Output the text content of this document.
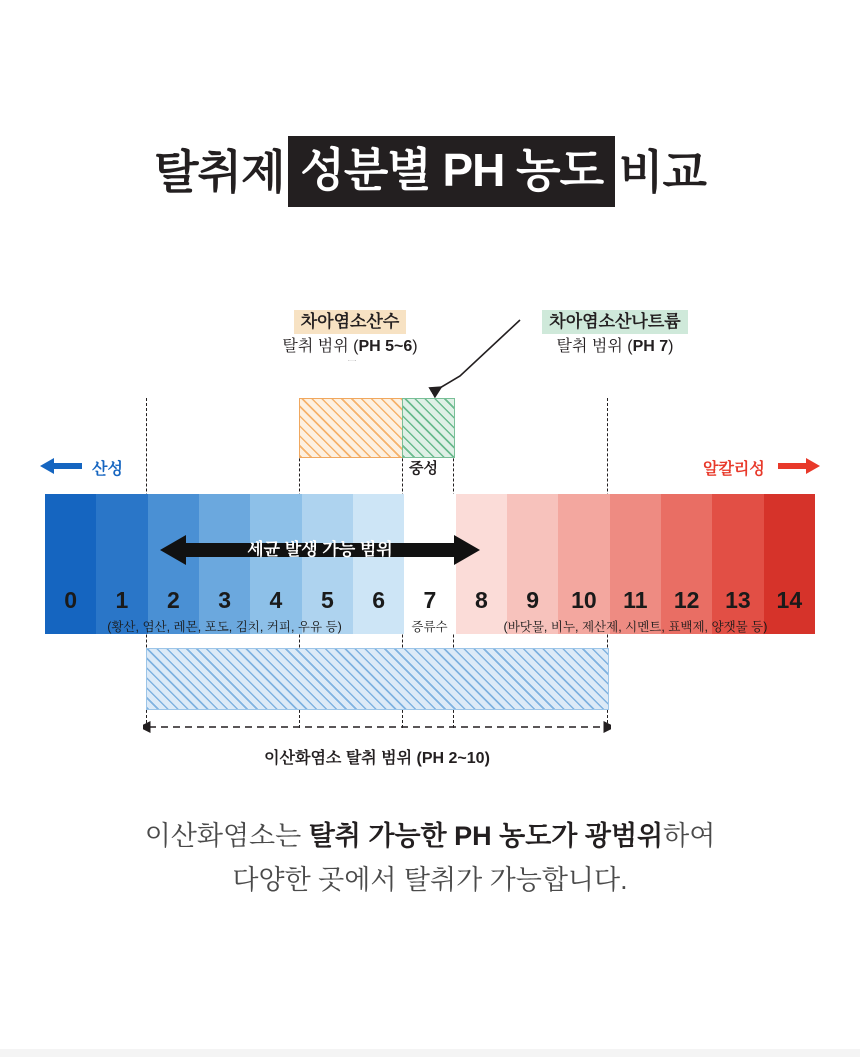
탈취제성분별 PH 농도비교
차아염소산수
탈취 범위 (PH 5~6)
차아염소산나트륨
탈취 범위 (PH 7)
산성	중성	알칼리성
세균 발생 가능 범위
0	1	2	3	4	5	6	7	8	9	10	11	12	13	14
(황산, 염산, 레몬, 포도, 김치, 커피, 우유 등)	증류수	(바닷물, 비누, 제산제, 시멘트, 표백제, 양잿물 등)
이산화염소 탈취 범위 (PH 2~10)
이산화염소는 탈취 가능한 PH 농도가 광범위하여
다양한 곳에서 탈취가 가능합니다.
